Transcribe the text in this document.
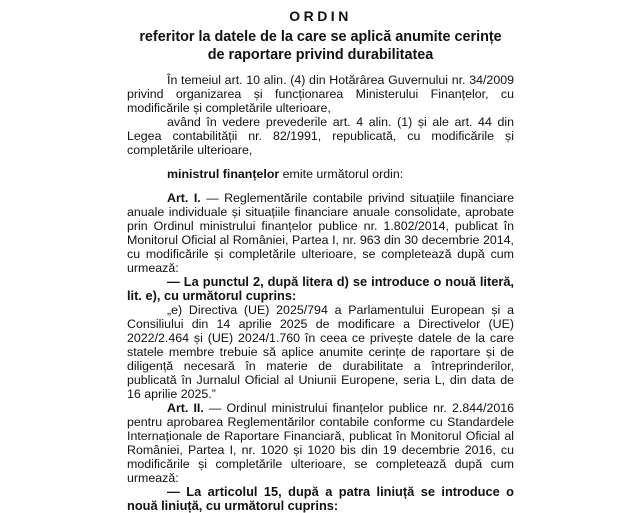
ORDIN
referitor la datele de la care se aplică anumite cerințe
de raportare privind durabilitatea

În temeiul art. 10 alin. (4) din Hotărârea Guvernului nr. 34/2009 privind organizarea și funcționarea Ministerului Finanțelor, cu modificările și completările ulterioare,

având în vedere prevederile art. 4 alin. (1) și ale art. 44 din Legea contabilității nr. 82/1991, republicată, cu modificările și completările ulterioare,

ministrul finanțelor emite următorul ordin:

Art. I. — Reglementările contabile privind situațiile financiare anuale individuale și situațiile financiare anuale consolidate, aprobate prin Ordinul ministrului finanțelor publice nr. 1.802/2014, publicat în Monitorul Oficial al României, Partea I, nr. 963 din 30 decembrie 2014, cu modificările și completările ulterioare, se completează după cum urmează:

— La punctul 2, după litera d) se introduce o nouă literă, lit. e), cu următorul cuprins:

„e) Directiva (UE) 2025/794 a Parlamentului European și a Consiliului din 14 aprilie 2025 de modificare a Directivelor (UE) 2022/2.464 și (UE) 2024/1.760 în ceea ce privește datele de la care statele membre trebuie să aplice anumite cerințe de raportare și de diligență necesară în materie de durabilitate a întreprinderilor, publicată în Jurnalul Oficial al Uniunii Europene, seria L, din data de 16 aprilie 2025.”

Art. II. — Ordinul ministrului finanțelor publice nr. 2.844/2016 pentru aprobarea Reglementărilor contabile conforme cu Standardele Internaționale de Raportare Financiară, publicat în Monitorul Oficial al României, Partea I, nr. 1020 și 1020 bis din 19 decembrie 2016, cu modificările și completările ulterioare, se completează după cum urmează:

— La articolul 15, după a patra liniuță se introduce o nouă liniuță, cu următorul cuprins:
